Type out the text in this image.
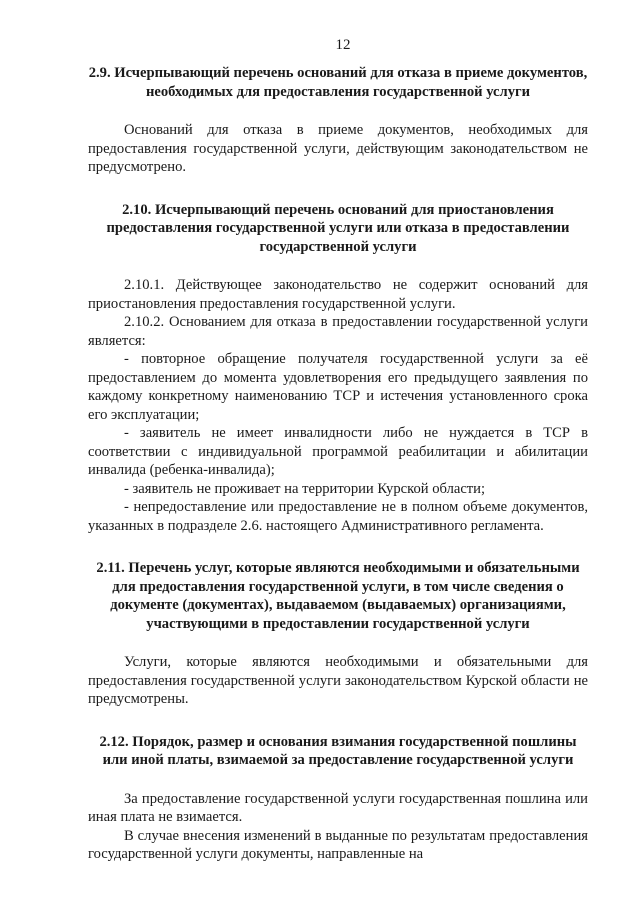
12

2.9. Исчерпывающий перечень оснований для отказа в приеме документов, необходимых для предоставления государственной услуги

Оснований для отказа в приеме документов, необходимых для предоставления государственной услуги, действующим законодательством не предусмотрено.

2.10. Исчерпывающий перечень оснований для приостановления предоставления государственной услуги или отказа в предоставлении государственной услуги

2.10.1. Действующее законодательство не содержит оснований для приостановления предоставления государственной услуги.

2.10.2. Основанием для отказа в предоставлении государственной услуги является:

- повторное обращение получателя государственной услуги за её предоставлением до момента удовлетворения его предыдущего заявления по каждому конкретному наименованию ТСР и истечения установленного срока его эксплуатации;

- заявитель не имеет инвалидности либо не нуждается в ТСР в соответствии с индивидуальной программой реабилитации и абилитации инвалида (ребенка-инвалида);

- заявитель не проживает на территории Курской области;

- непредоставление или предоставление не в полном объеме документов, указанных в подразделе 2.6. настоящего Административного регламента.

2.11. Перечень услуг, которые являются необходимыми и обязательными для предоставления государственной услуги, в том числе сведения о документе (документах), выдаваемом (выдаваемых) организациями, участвующими в предоставлении государственной услуги

Услуги, которые являются необходимыми и обязательными для предоставления государственной услуги законодательством Курской области не предусмотрены.

2.12. Порядок, размер и основания взимания государственной пошлины или иной платы, взимаемой за предоставление государственной услуги

За предоставление государственной услуги государственная пошлина или иная плата не взимается.

В случае внесения изменений в выданные по результатам предоставления государственной услуги документы, направленные на
